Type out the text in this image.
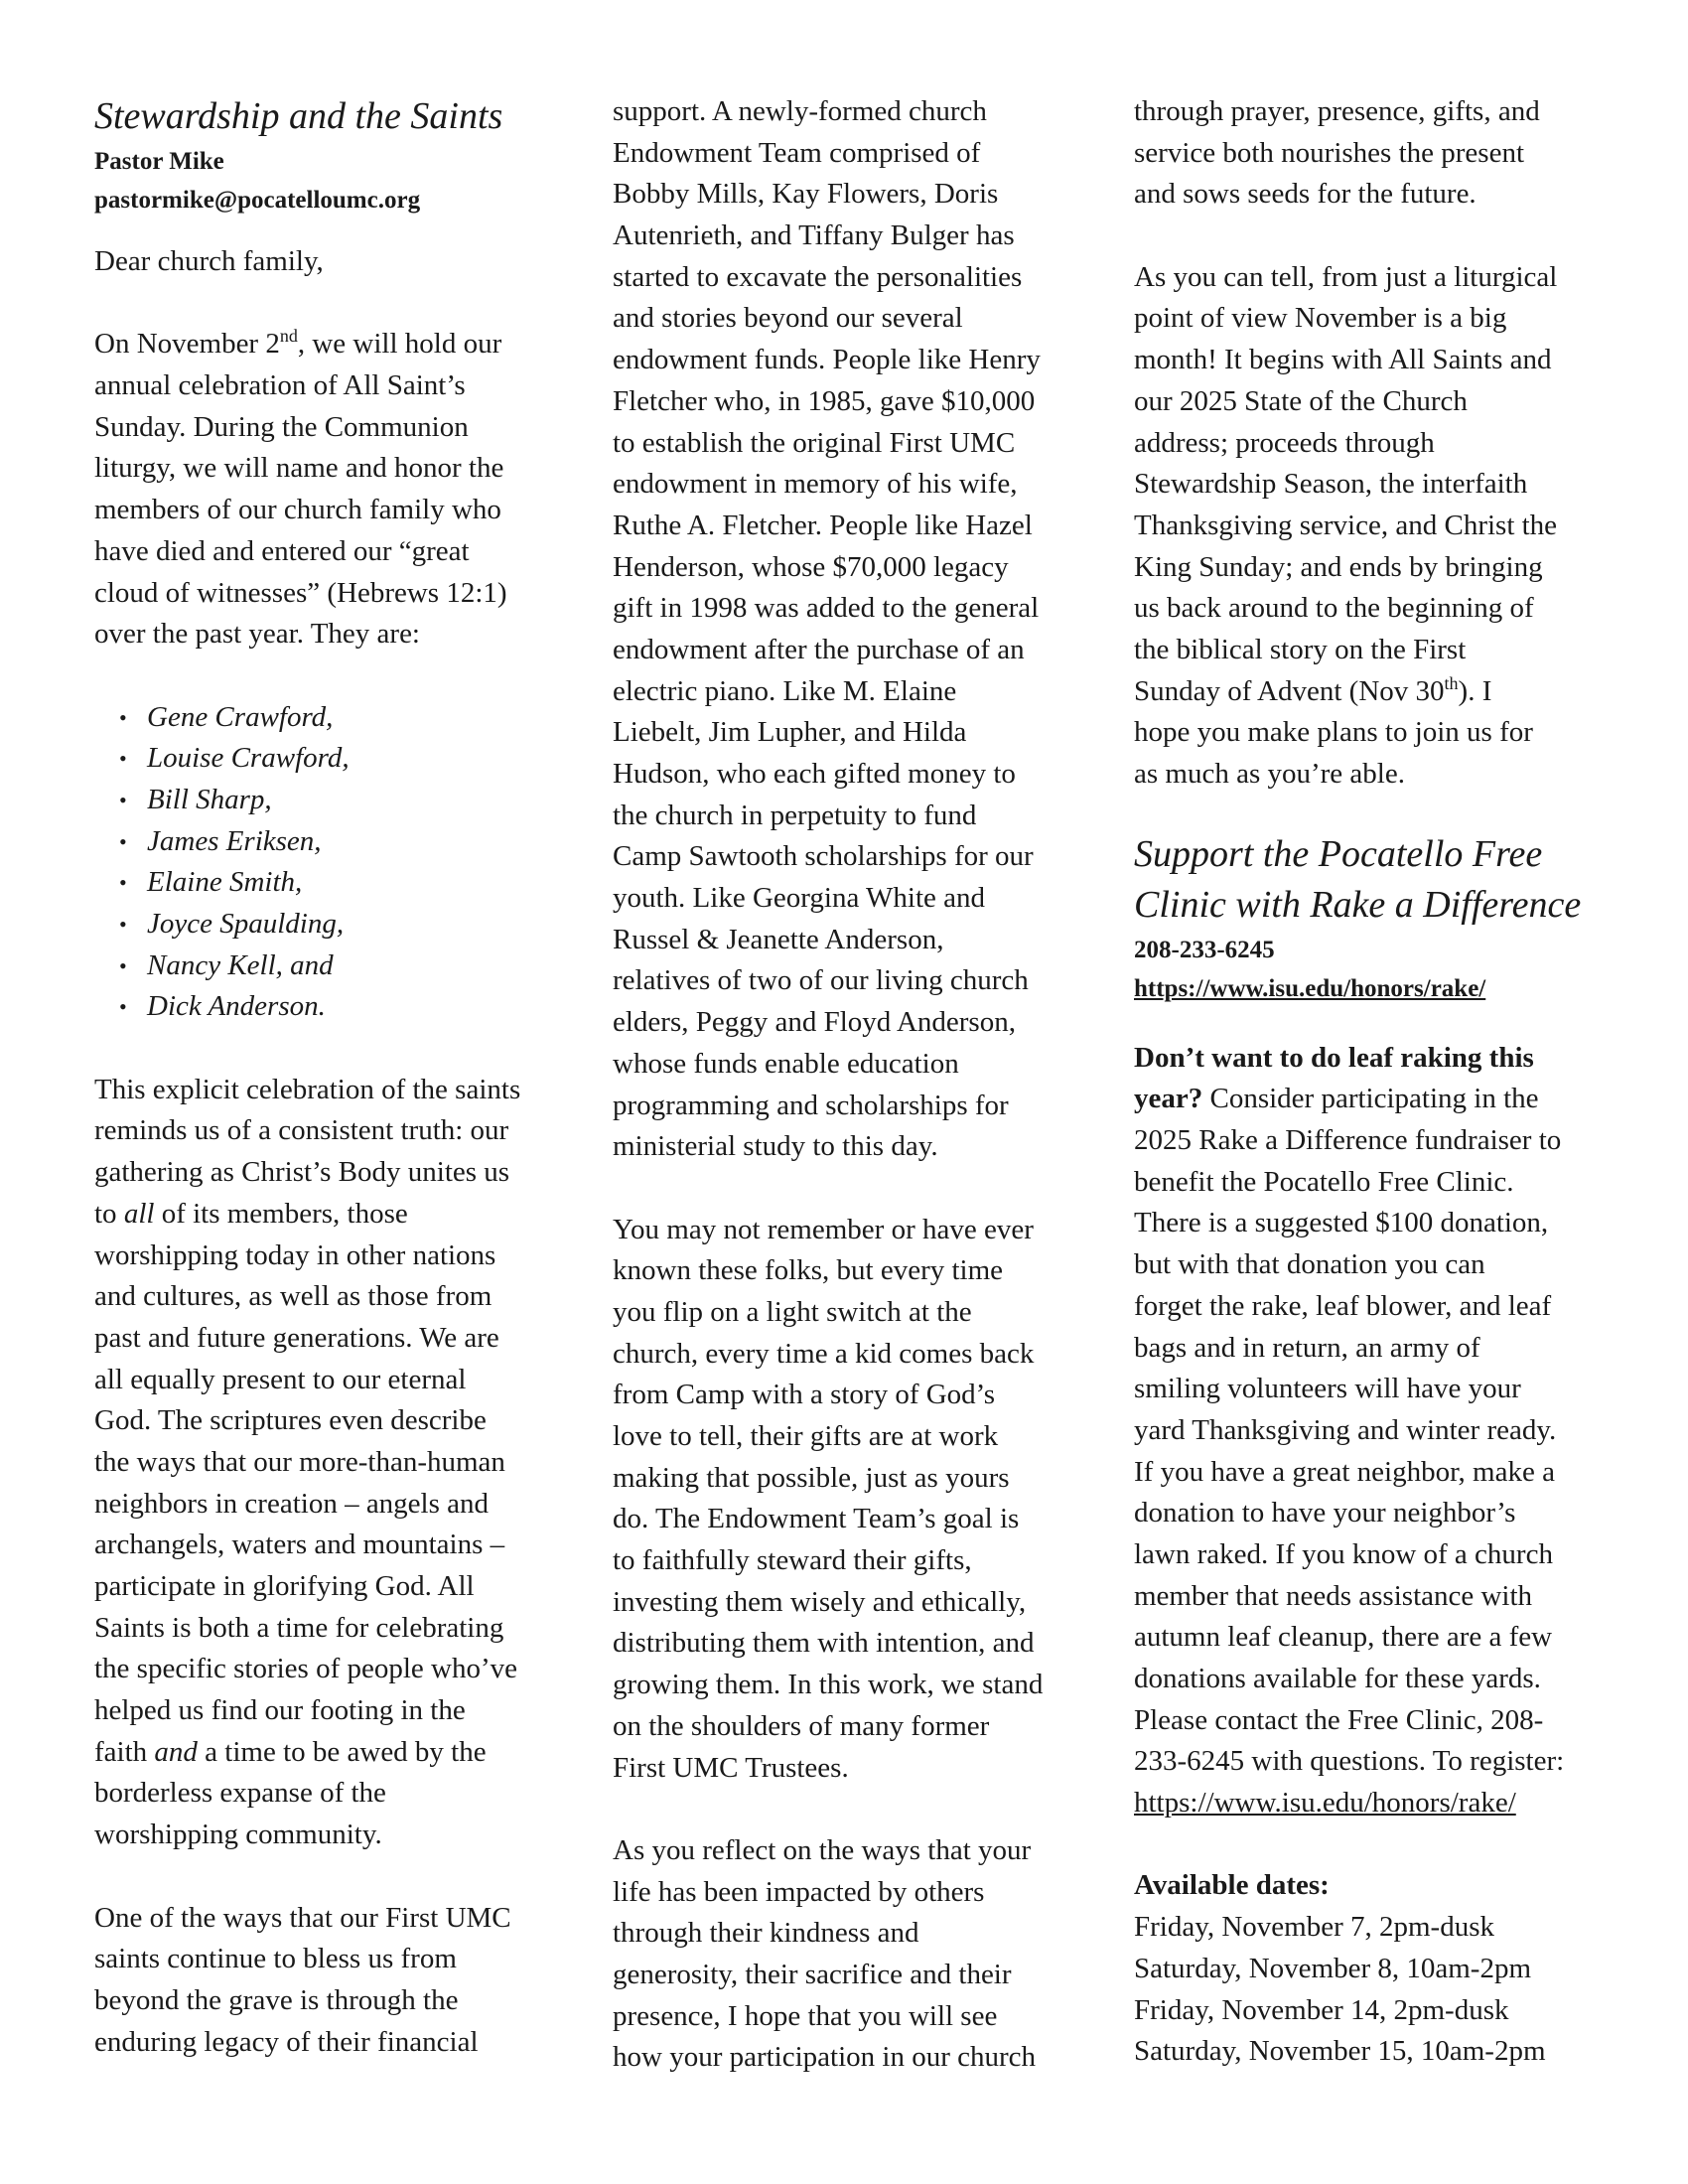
Stewardship and the Saints
Pastor Mike
pastormike@pocatelloumc.org
Dear church family,
On November 2nd, we will hold our
annual celebration of All Saint’s
Sunday. During the Communion
liturgy, we will name and honor the
members of our church family who
have died and entered our “great
cloud of witnesses” (Hebrews 12:1)
over the past year. They are:
• Gene Crawford,
• Louise Crawford,
• Bill Sharp,
• James Eriksen,
• Elaine Smith,
• Joyce Spaulding,
• Nancy Kell, and
• Dick Anderson.
This explicit celebration of the saints
reminds us of a consistent truth: our
gathering as Christ’s Body unites us
to all of its members, those
worshipping today in other nations
and cultures, as well as those from
past and future generations. We are
all equally present to our eternal
God. The scriptures even describe
the ways that our more-than-human
neighbors in creation – angels and
archangels, waters and mountains –
participate in glorifying God. All
Saints is both a time for celebrating
the specific stories of people who’ve
helped us find our footing in the
faith and a time to be awed by the
borderless expanse of the
worshipping community.
One of the ways that our First UMC
saints continue to bless us from
beyond the grave is through the
enduring legacy of their financial
support. A newly-formed church
Endowment Team comprised of
Bobby Mills, Kay Flowers, Doris
Autenrieth, and Tiffany Bulger has
started to excavate the personalities
and stories beyond our several
endowment funds. People like Henry
Fletcher who, in 1985, gave $10,000
to establish the original First UMC
endowment in memory of his wife,
Ruthe A. Fletcher. People like Hazel
Henderson, whose $70,000 legacy
gift in 1998 was added to the general
endowment after the purchase of an
electric piano. Like M. Elaine
Liebelt, Jim Lupher, and Hilda
Hudson, who each gifted money to
the church in perpetuity to fund
Camp Sawtooth scholarships for our
youth. Like Georgina White and
Russel & Jeanette Anderson,
relatives of two of our living church
elders, Peggy and Floyd Anderson,
whose funds enable education
programming and scholarships for
ministerial study to this day.
You may not remember or have ever
known these folks, but every time
you flip on a light switch at the
church, every time a kid comes back
from Camp with a story of God’s
love to tell, their gifts are at work
making that possible, just as yours
do. The Endowment Team’s goal is
to faithfully steward their gifts,
investing them wisely and ethically,
distributing them with intention, and
growing them. In this work, we stand
on the shoulders of many former
First UMC Trustees.
As you reflect on the ways that your
life has been impacted by others
through their kindness and
generosity, their sacrifice and their
presence, I hope that you will see
how your participation in our church
through prayer, presence, gifts, and
service both nourishes the present
and sows seeds for the future.
As you can tell, from just a liturgical
point of view November is a big
month! It begins with All Saints and
our 2025 State of the Church
address; proceeds through
Stewardship Season, the interfaith
Thanksgiving service, and Christ the
King Sunday; and ends by bringing
us back around to the beginning of
the biblical story on the First
Sunday of Advent (Nov 30th). I
hope you make plans to join us for
as much as you’re able.
Support the Pocatello Free
Clinic with Rake a Difference
208-233-6245
https://www.isu.edu/honors/rake/
Don’t want to do leaf raking this
year? Consider participating in the
2025 Rake a Difference fundraiser to
benefit the Pocatello Free Clinic.
There is a suggested $100 donation,
but with that donation you can
forget the rake, leaf blower, and leaf
bags and in return, an army of
smiling volunteers will have your
yard Thanksgiving and winter ready.
If you have a great neighbor, make a
donation to have your neighbor’s
lawn raked. If you know of a church
member that needs assistance with
autumn leaf cleanup, there are a few
donations available for these yards.
Please contact the Free Clinic, 208-
233-6245 with questions. To register:
https://www.isu.edu/honors/rake/
Available dates:
Friday, November 7, 2pm-dusk
Saturday, November 8, 10am-2pm
Friday, November 14, 2pm-dusk
Saturday, November 15, 10am-2pm
